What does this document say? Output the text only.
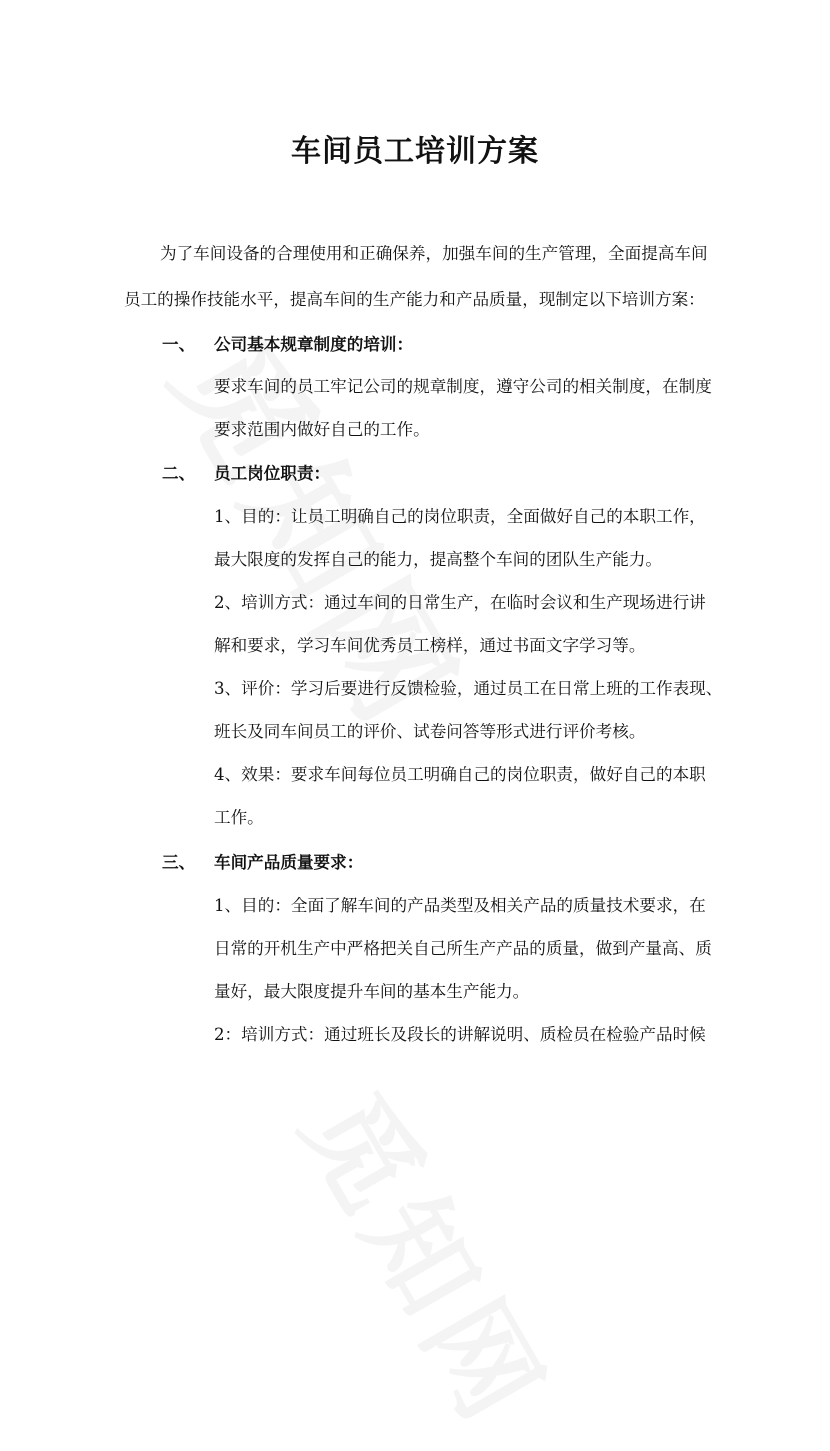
车间员工培训方案
为了车间设备的合理使用和正确保养，加强车间的生产管理，全面提高车间
员工的操作技能水平，提高车间的生产能力和产品质量，现制定以下培训方案：
一、 公司基本规章制度的培训：
要求车间的员工牢记公司的规章制度，遵守公司的相关制度，在制度
要求范围内做好自己的工作。
二、 员工岗位职责：
1、目的：让员工明确自己的岗位职责，全面做好自己的本职工作，
最大限度的发挥自己的能力，提高整个车间的团队生产能力。
2、培训方式：通过车间的日常生产，在临时会议和生产现场进行讲
解和要求，学习车间优秀员工榜样，通过书面文字学习等。
3、评价：学习后要进行反馈检验，通过员工在日常上班的工作表现、
班长及同车间员工的评价、试卷问答等形式进行评价考核。
4、效果：要求车间每位员工明确自己的岗位职责，做好自己的本职
工作。
三、 车间产品质量要求：
1、目的：全面了解车间的产品类型及相关产品的质量技术要求，在
日常的开机生产中严格把关自己所生产产品的质量，做到产量高、质
量好，最大限度提升车间的基本生产能力。
2：培训方式：通过班长及段长的讲解说明、质检员在检验产品时候
